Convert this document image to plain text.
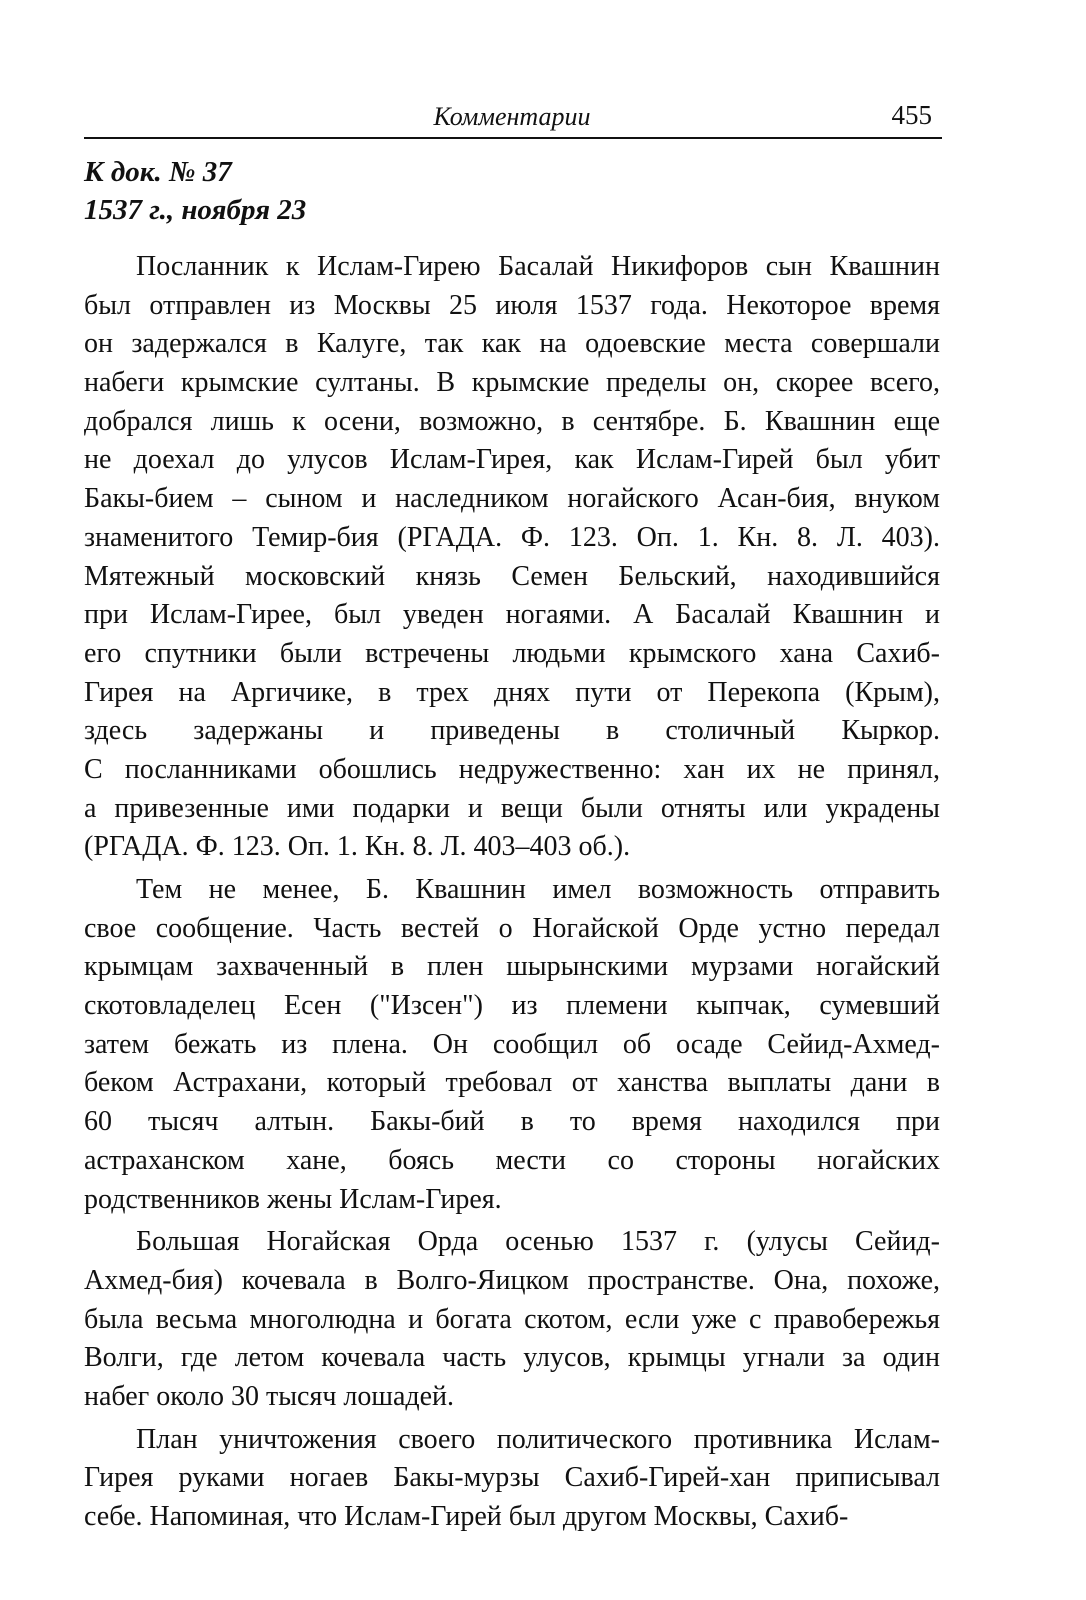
Комментарии	455
К док. № 37
1537 г., ноября 23
Посланник к Ислам-Гирею Басалай Никифоров сын Квашнин
был отправлен из Москвы 25 июля 1537 года. Некоторое время
он задержался в Калуге, так как на одоевские места совершали
набеги крымские султаны. В крымские пределы он, скорее всего,
добрался лишь к осени, возможно, в сентябре. Б. Квашнин еще
не доехал до улусов Ислам-Гирея, как Ислам-Гирей был убит
Бакы-бием – сыном и наследником ногайского Асан-бия, внуком
знаменитого Темир-бия (РГАДА. Ф. 123. Оп. 1. Кн. 8. Л. 403).
Мятежный московский князь Семен Бельский, находившийся
при Ислам-Гирее, был уведен ногаями. А Басалай Квашнин и
его спутники были встречены людьми крымского хана Сахиб-
Гирея на Аргичике, в трех днях пути от Перекопа (Крым),
здесь задержаны и приведены в столичный Кыркор.
С посланниками обошлись недружественно: хан их не принял,
а привезенные ими подарки и вещи были отняты или украдены
(РГАДА. Ф. 123. Оп. 1. Кн. 8. Л. 403–403 об.).
Тем не менее, Б. Квашнин имел возможность отправить
свое сообщение. Часть вестей о Ногайской Орде устно передал
крымцам захваченный в плен шырынскими мурзами ногайский
скотовладелец Есен ("Изсен") из племени кыпчак, сумевший
затем бежать из плена. Он сообщил об осаде Сейид-Ахмед-
беком Астрахани, который требовал от ханства выплаты дани в
60 тысяч алтын. Бакы-бий в то время находился при
астраханском хане, боясь мести со стороны ногайских
родственников жены Ислам-Гирея.
Большая Ногайская Орда осенью 1537 г. (улусы Сейид-
Ахмед-бия) кочевала в Волго-Яицком пространстве. Она, похоже,
была весьма многолюдна и богата скотом, если уже с правобережья
Волги, где летом кочевала часть улусов, крымцы угнали за один
набег около 30 тысяч лошадей.
План уничтожения своего политического противника Ислам-
Гирея руками ногаев Бакы-мурзы Сахиб-Гирей-хан приписывал
себе. Напоминая, что Ислам-Гирей был другом Москвы, Сахиб-
